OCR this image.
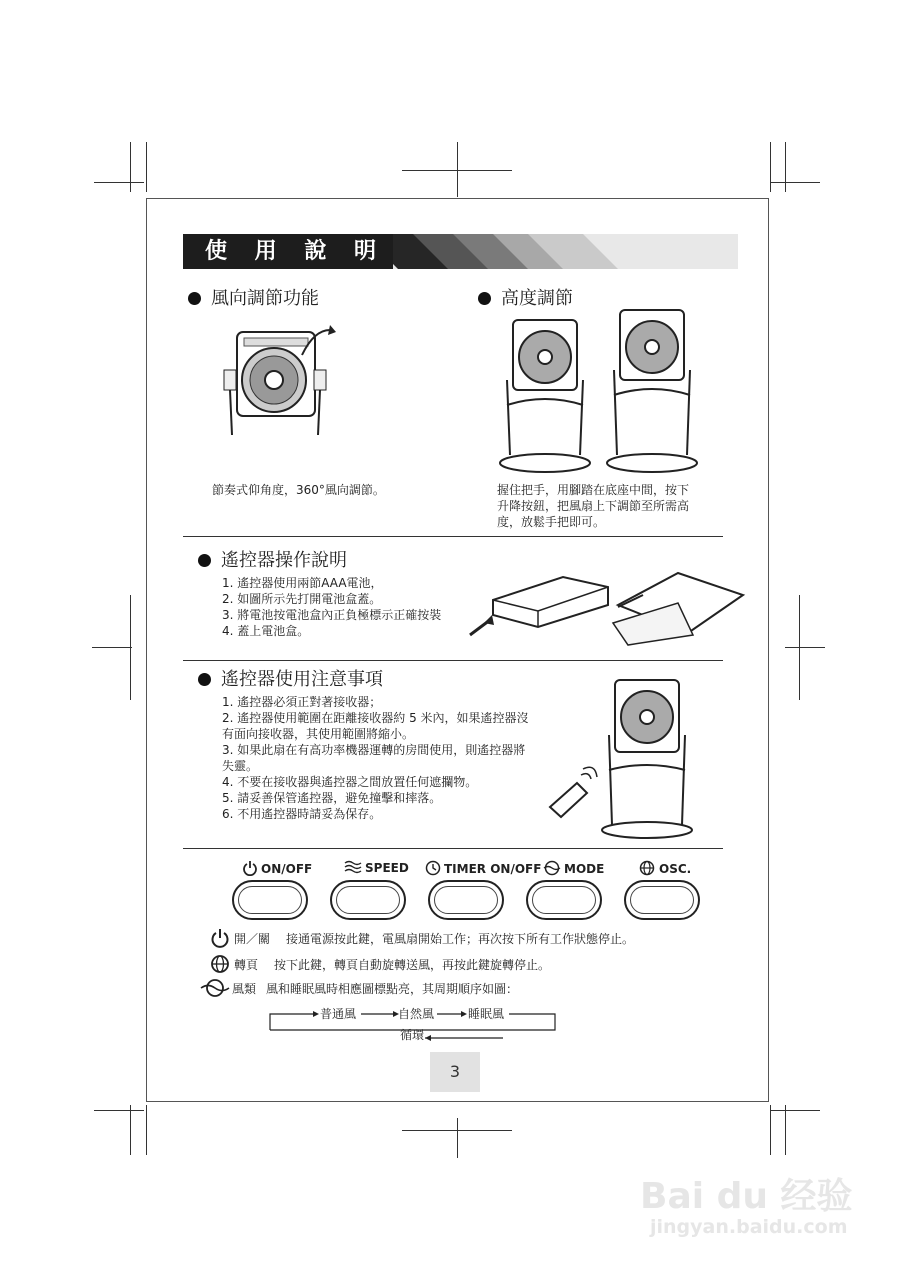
使 用 說 明
風向調節功能
節奏式仰角度，360°風向調節。
高度調節
握住把手，用腳踏在底座中間，按下
升降按鈕，把風扇上下調節至所需高
度，放鬆手把即可。
遙控器操作說明
1. 遙控器使用兩節AAA電池，
2. 如圖所示先打開電池盒蓋。
3. 將電池按電池盒內正負極標示正確按裝
4. 蓋上電池盒。
遙控器使用注意事項
1. 遙控器必須正對著接收器；
2. 遙控器使用範圍在距離接收器約 5 米內，如果遙控器沒
有面向接收器，其使用範圍將縮小。
3. 如果此扇在有高功率機器運轉的房間使用，則遙控器將
失靈。
4. 不要在接收器與遙控器之間放置任何遮攔物。
5. 請妥善保管遙控器，避免撞擊和摔落。
6. 不用遙控器時請妥為保存。
ON/OFF	SPEED	TIMER ON/OFF	MODE	OSC.
開／關 接通電源按此鍵，電風扇開始工作；再次按下所有工作狀態停止。
轉頁 按下此鍵，轉頁自動旋轉送風，再按此鍵旋轉停止。
風類 風和睡眠風時相應圖標點亮，其周期順序如圖：
普通風	自然風	睡眠風
循環
3
Bai du 经验
jingyan.baidu.com
